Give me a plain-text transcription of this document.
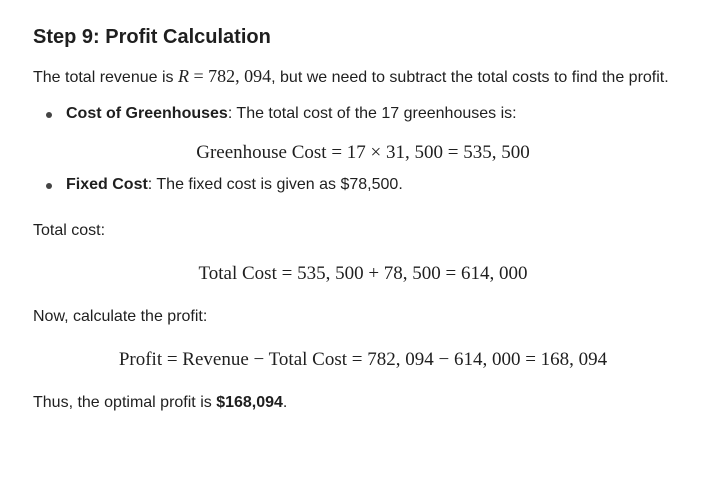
Step 9: Profit Calculation

The total revenue is R = 782, 094, but we need to subtract the total costs to find the profit.

Cost of Greenhouses: The total cost of the 17 greenhouses is:
Greenhouse Cost = 17 × 31, 500 = 535, 500
Fixed Cost: The fixed cost is given as $78,500.

Total cost:

Total Cost = 535, 500 + 78, 500 = 614, 000

Now, calculate the profit:

Profit = Revenue − Total Cost = 782, 094 − 614, 000 = 168, 094

Thus, the optimal profit is $168,094.
